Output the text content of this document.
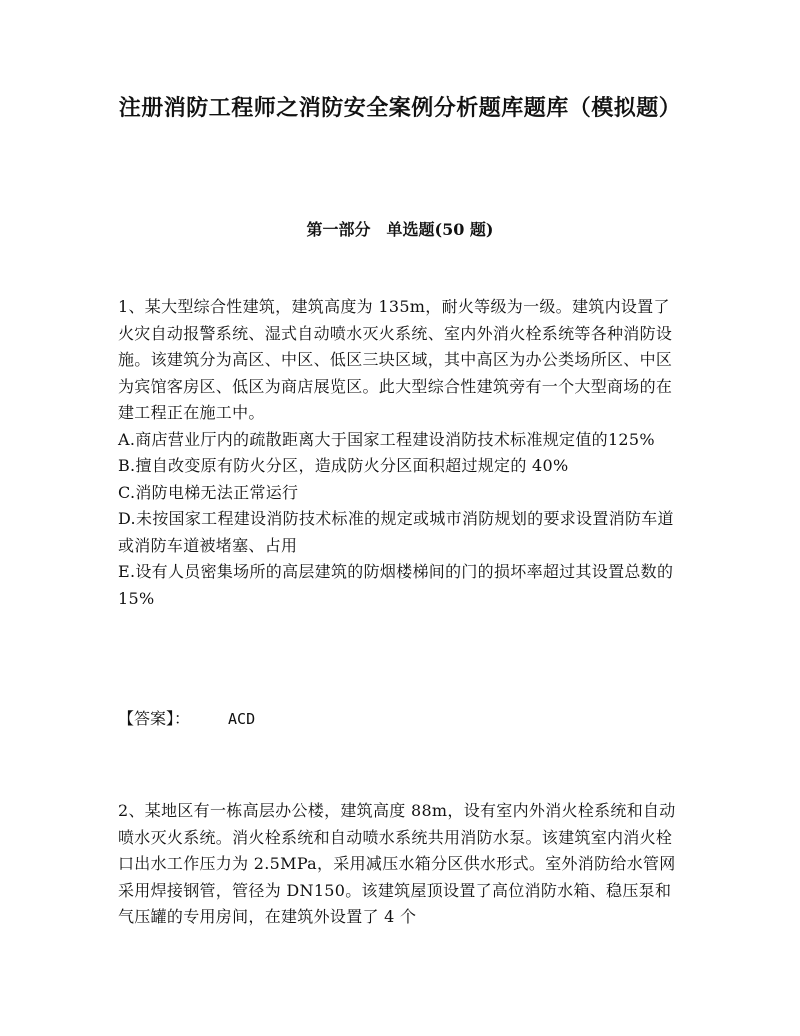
注册消防工程师之消防安全案例分析题库题库（模拟题）
第一部分　单选题(50 题)

1、某大型综合性建筑，建筑高度为 135m，耐火等级为一级。建筑内设置了火灾自动报警系统、湿式自动喷水灭火系统、室内外消火栓系统等各种消防设施。该建筑分为高区、中区、低区三块区域，其中高区为办公类场所区、中区为宾馆客房区、低区为商店展览区。此大型综合性建筑旁有一个大型商场的在建工程正在施工中。

A.商店营业厅内的疏散距离大于国家工程建设消防技术标准规定值的125%

B.擅自改变原有防火分区，造成防火分区面积超过规定的 40%

C.消防电梯无法正常运行

D.未按国家工程建设消防技术标准的规定或城市消防规划的要求设置消防车道或消防车道被堵塞、占用

E.设有人员密集场所的高层建筑的防烟楼梯间的门的损坏率超过其设置总数的 15%

【答案】：	ACD

2、某地区有一栋高层办公楼，建筑高度 88m，设有室内外消火栓系统和自动喷水灭火系统。消火栓系统和自动喷水系统共用消防水泵。该建筑室内消火栓口出水工作压力为 2.5MPa，采用减压水箱分区供水形式。室外消防给水管网采用焊接钢管，管径为 DN150。该建筑屋顶设置了高位消防水箱、稳压泵和气压罐的专用房间，在建筑外设置了 4 个
